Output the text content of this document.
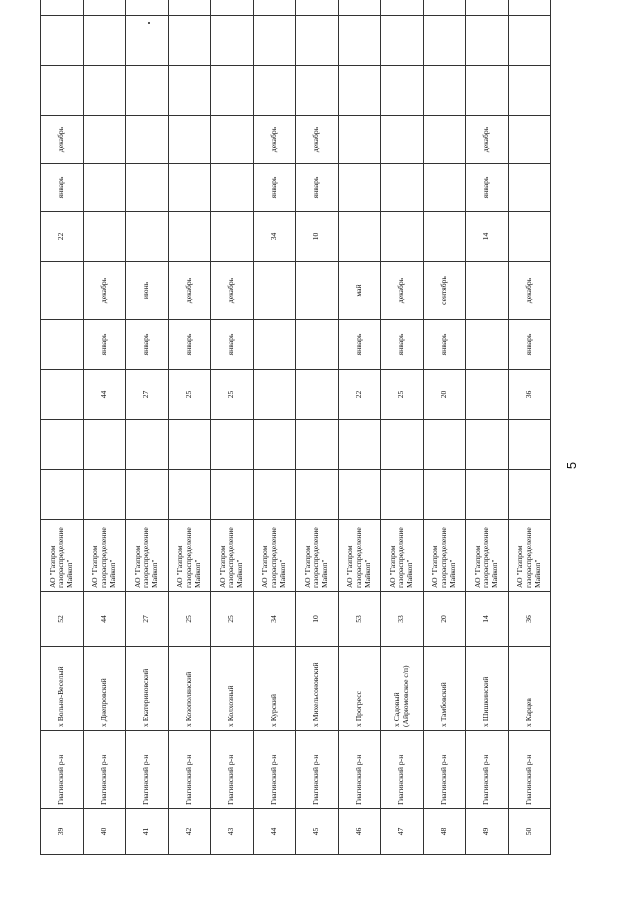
39	Гиагинский р-н	х Вольно-Веселый	52	АО "Газпром газораспределение Майкоп"						22	январь	декабрь			
40	Гиагинский р-н	х Днепровский	44	АО "Газпром газораспределение Майкоп"			44	январь	декабрь						
41	Гиагинский р-н	х Екатериновский	27	АО "Газпром газораспределение Майкоп"			27	январь	июнь						
42	Гиагинский р-н	х Козополянский	25	АО "Газпром газораспределение Майкоп"			25	январь	декабрь						
43	Гиагинский р-н	х Колхозный	25	АО "Газпром газораспределение Майкоп"			25	январь	декабрь						
44	Гиагинский р-н	х Курский	34	АО "Газпром газораспределение Майкоп"						34	январь	декабрь			
45	Гиагинский р-н	х Михельсоновский	10	АО "Газпром газораспределение Майкоп"						10	январь	декабрь			
46	Гиагинский р-н	х Прогресс	53	АО "Газпром газораспределение Майкоп"			22	январь	май						
47	Гиагинский р-н	х Садовый (Айрюмовское с/п)	33	АО "Газпром газораспределение Майкоп"			25	январь	декабрь						
48	Гиагинский р-н	х Тамбовский	20	АО "Газпром газораспределение Майкоп"			20	январь	сентябрь						
49	Гиагинский р-н	х Шишкинский	14	АО "Газпром газораспределение Майкоп"						14	январь	декабрь			
50	Гиагинский р-н	х Карцев	36	АО "Газпром газораспределение Майкоп"			36	январь	декабрь						
5
